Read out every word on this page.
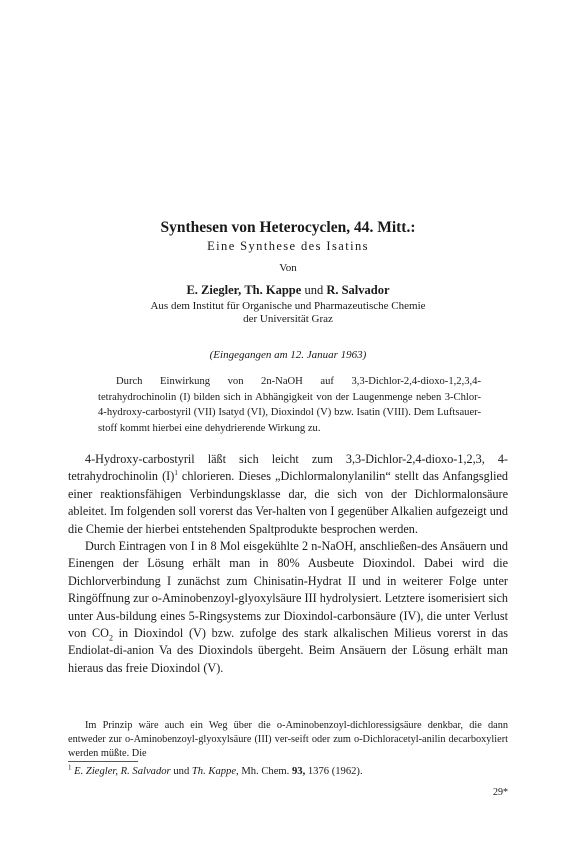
Synthesen von Heterocyclen, 44. Mitt.:
Eine Synthese des Isatins
Von
E. Ziegler, Th. Kappe und R. Salvador
Aus dem Institut für Organische und Pharmazeutische Chemie
der Universität Graz
(Eingegangen am 12. Januar 1963)
Durch Einwirkung von 2n-NaOH auf 3,3-Dichlor-2,4-dioxo-1,2,3,4-tetrahydrochinolin (I) bilden sich in Abhängigkeit von der Laugenmenge neben 3-Chlor-4-hydroxy-carbostyril (VII) Isatyd (VI), Dioxindol (V) bzw. Isatin (VIII). Dem Luftsauer-stoff kommt hierbei eine dehydrierende Wirkung zu.

4-Hydroxy-carbostyril läßt sich leicht zum 3,3-Dichlor-2,4-dioxo-1,2,3, 4-tetrahydrochinolin $(I)^1$ chlorieren. Dieses „Dichlormalonylanilin“ stellt das Anfangsglied einer reaktionsfähigen Verbindungsklasse dar, die sich von der Dichlormalonsäure ableitet. Im folgenden soll vorerst das Ver-halten von I gegenüber Alkalien aufgezeigt und die Chemie der hierbei entstehenden Spaltprodukte besprochen werden.

Durch Eintragen von I in 8 Mol eisgekühlte 2 n-NaOH, anschließen-des Ansäuern und Einengen der Lösung erhält man in 80% Ausbeute Dioxindol. Dabei wird die Dichlorverbindung I zunächst zum Chinisatin-Hydrat II und in weiterer Folge unter Ringöffnung zur o-Aminobenzoyl-glyoxylsäure III hydrolysiert. Letztere isomerisiert sich unter Aus-bildung eines 5-Ringsystems zur Dioxindol-carbonsäure (IV), die unter Verlust von $CO_2$ in Dioxindol (V) bzw. zufolge des stark alkalischen Milieus vorerst in das Endiolat-di-anion Va des Dioxindols übergeht. Beim Ansäuern der Lösung erhält man hieraus das freie Dioxindol (V).

Im Prinzip wäre auch ein Weg über die o-Aminobenzoyl-dichloressigsäure denkbar, die dann entweder zur o-Aminobenzoyl-glyoxylsäure (III) ver-seift oder zum o-Dichloracetyl-anilin decarboxyliert werden müßte. Die
$^1$ E. Ziegler, R. Salvador und Th. Kappe, Mh. Chem. 93, 1376 (1962).
29*
